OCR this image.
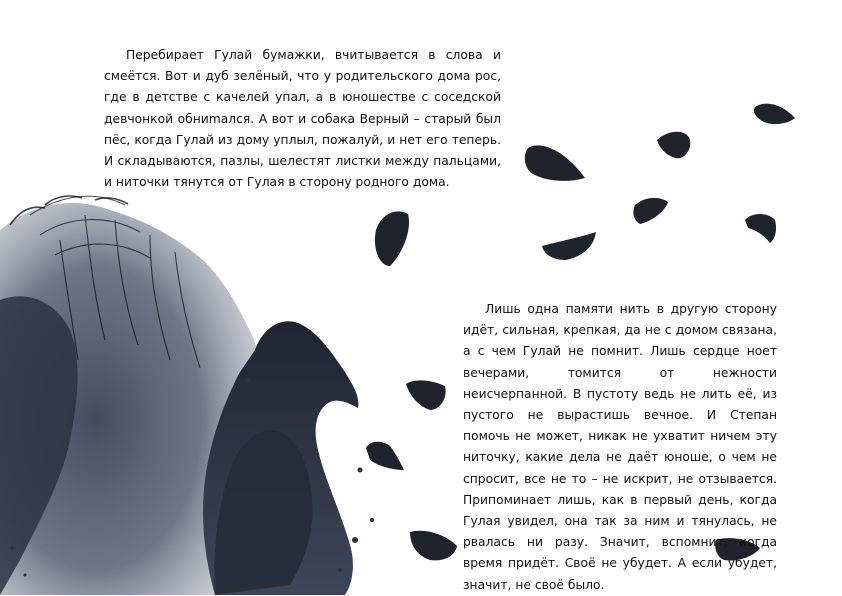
Перебирает Гулай бумажки, вчитывается в слова и смеётся. Вот и дуб зелёный, что у родительского дома рос, где в детстве с качелей упал, а в юношестве с соседской девчонкой обниmался. А вот и собака Верный – старый был пёс, когда Гулай из дому уплыл, пожалуй, и нет его теперь. И складываются, пазлы, шелестят листки между пальцами, и ниточки тянутся от Гулая в сторону родного дома.

Лишь одна памяти нить в другую сторону идёт, сильная, крепкая, да не с домом связана, а с чем Гулай не помнит. Лишь сердце ноет вечерами, томится от нежности неисчерпанной. В пустоту ведь не лить её, из пустого не вырастишь вечное. И Степан помочь не может, никак не ухватит ничем эту ниточку, какие дела не даёт юноше, о чем не спросит, все не то – не искрит, не отзывается. Припоминает лишь, как в первый день, когда Гулая увидел, она так за ним и тянулась, не рвалась ни разу. Значит, вспомнит, когда время придёт. Своё не убудет. А если убудет, значит, не своё было.
